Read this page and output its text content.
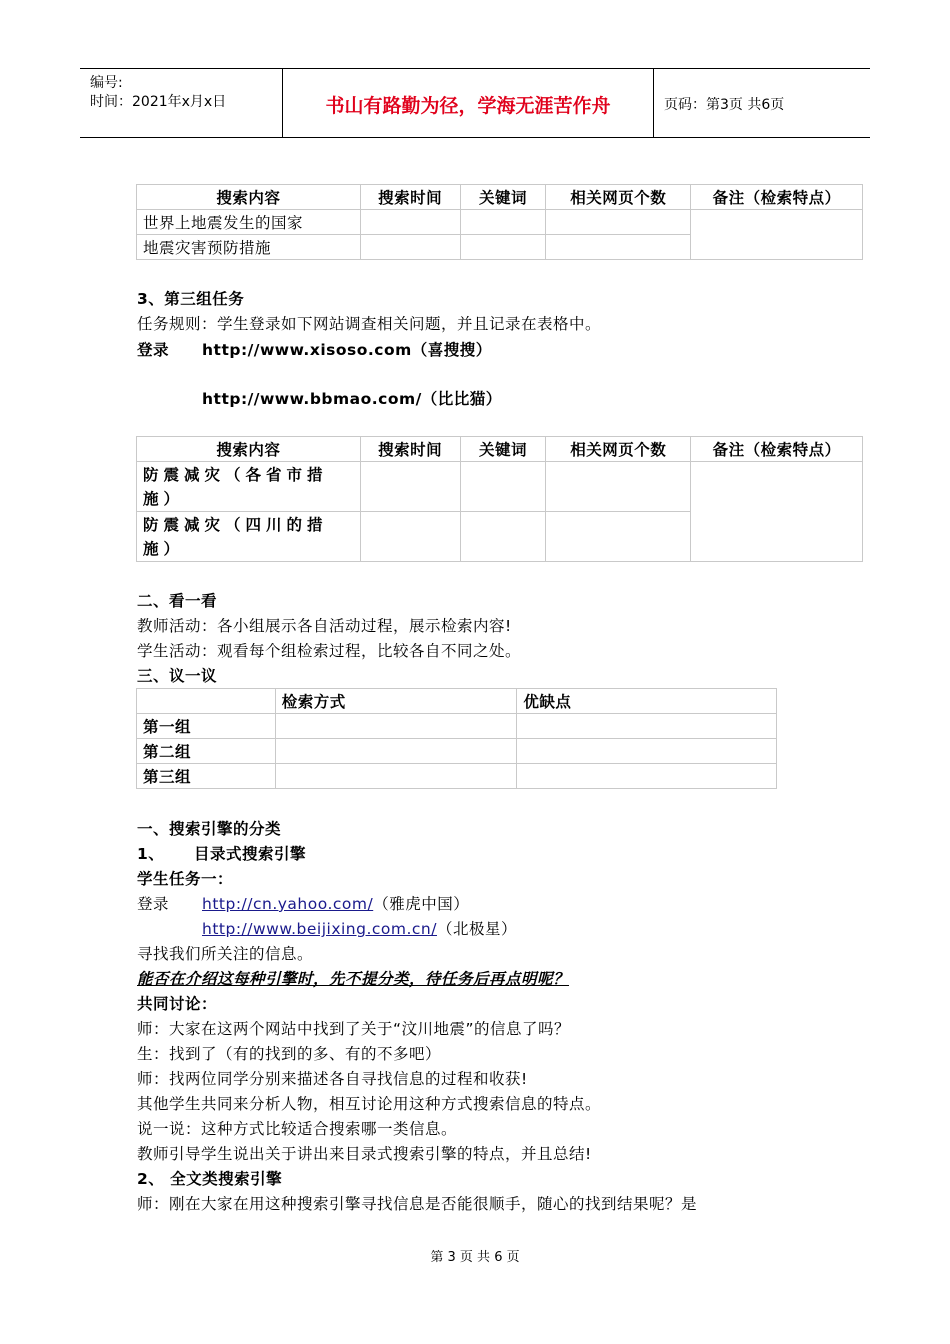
编号:
时间：2021年x月x日	书山有路勤为径，学海无涯苦作舟	页码：第3页 共6页
搜索内容	搜索时间	关键词	相关网页个数	备注（检索特点）
世界上地震发生的国家				
地震灾害预防措施				
3、第三组任务
任务规则：学生登录如下网站调查相关问题，并且记录在表格中。
登录 http://www.xisoso.com（喜搜搜）
http://www.bbmao.com/（比比猫）
搜索内容	搜索时间	关键词	相关网页个数	备注（检索特点）
防震减灾（各省市措
施）				
防震减灾（四川的措
施）				
二、看一看
教师活动：各小组展示各自活动过程，展示检索内容!
学生活动：观看每个组检索过程，比较各自不同之处。
三、议一议
	检索方式	优缺点
第一组		
第二组		
第三组		
一、搜索引擎的分类
1、 目录式搜索引擎
学生任务一：
登录 http://cn.yahoo.com/（雅虎中国）
http://www.beijixing.com.cn/（北极星）
寻找我们所关注的信息。
能否在介绍这每种引擎时，先不提分类，待任务后再点明呢？
共同讨论：
师：大家在这两个网站中找到了关于“汶川地震”的信息了吗？
生：找到了（有的找到的多、有的不多吧）
师：找两位同学分别来描述各自寻找信息的过程和收获!
其他学生共同来分析人物，相互讨论用这种方式搜索信息的特点。
说一说：这种方式比较适合搜索哪一类信息。
教师引导学生说出关于讲出来目录式搜索引擎的特点，并且总结!
2、 全文类搜索引擎
师：刚在大家在用这种搜索引擎寻找信息是否能很顺手，随心的找到结果呢？是
第 3 页 共 6 页
